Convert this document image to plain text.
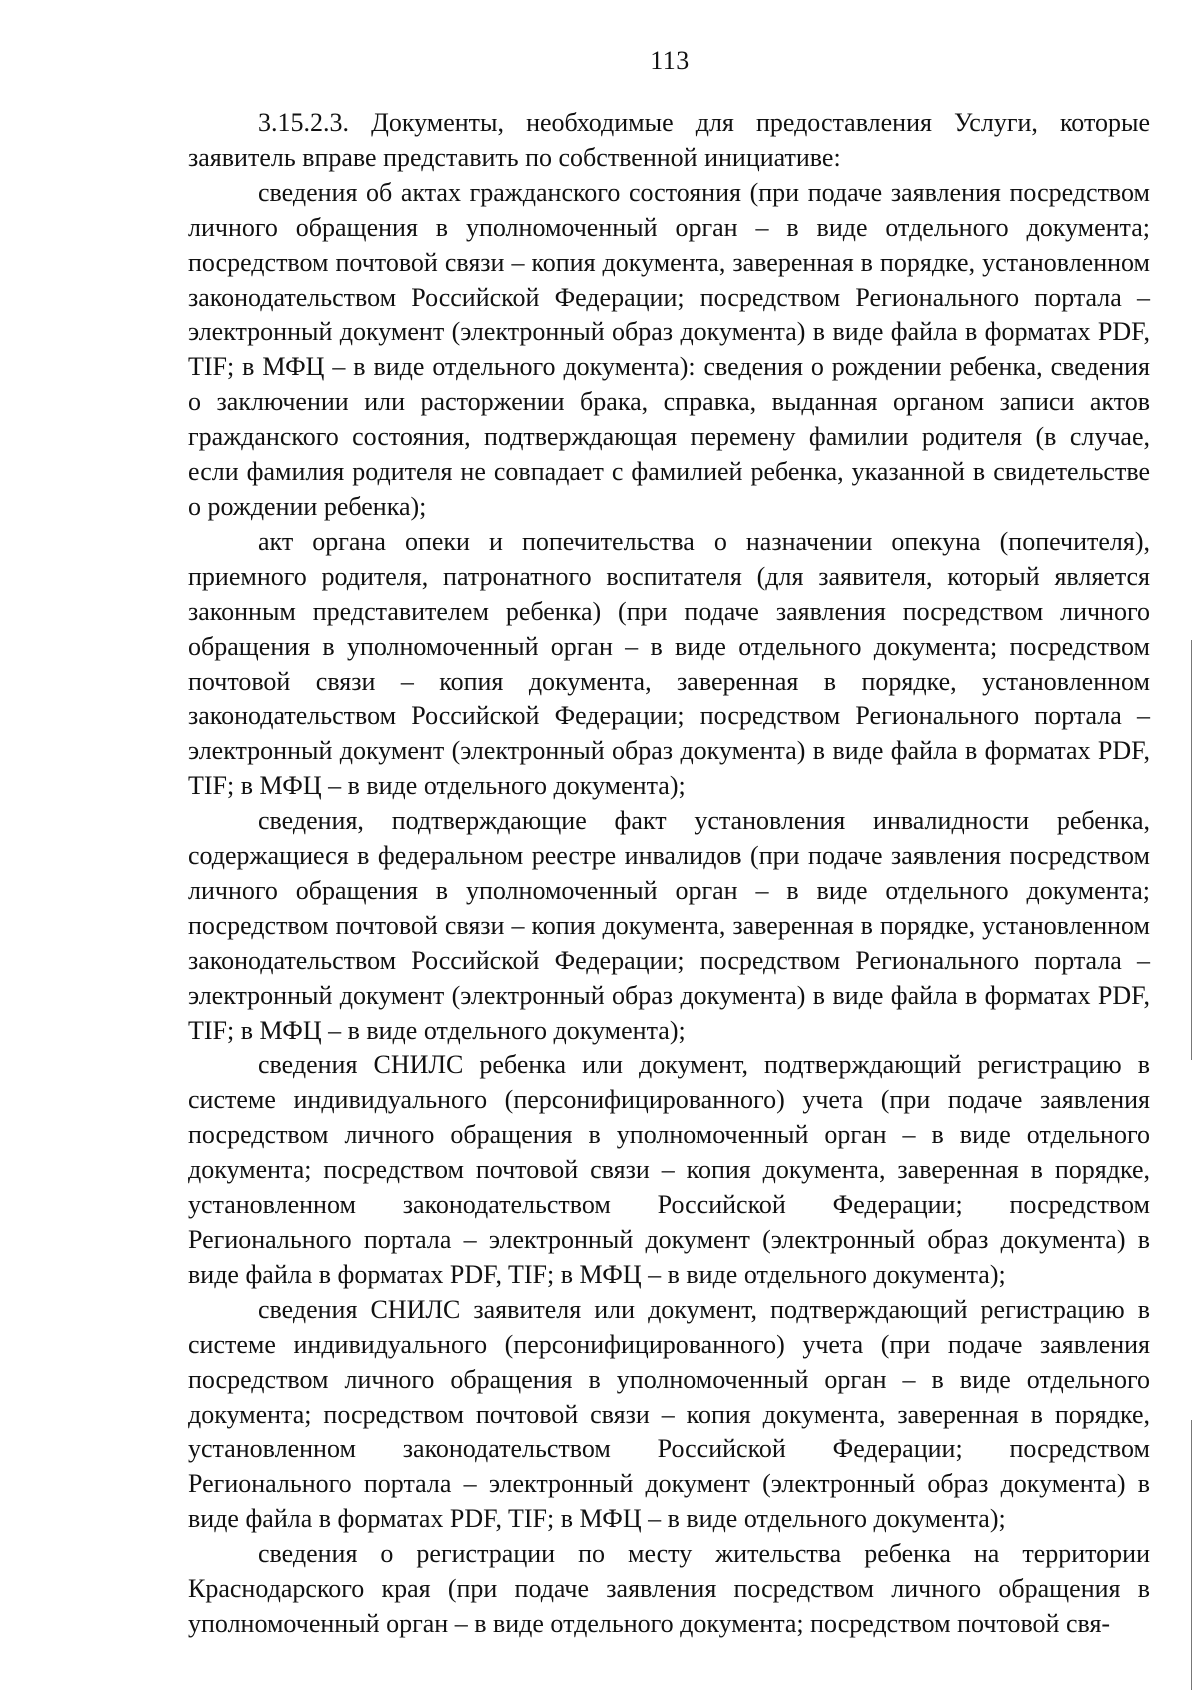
113

3.15.2.3. Документы, необходимые для предоставления Услуги, которые заявитель вправе представить по собственной инициативе:

сведения об актах гражданского состояния (при подаче заявления посредством личного обращения в уполномоченный орган – в виде отдельного документа; посредством почтовой связи – копия документа, заверенная в порядке, установленном законодательством Российской Федерации; посредством Регионального портала – электронный документ (электронный образ документа) в виде файла в форматах PDF, TIF; в МФЦ – в виде отдельного документа): сведения о рождении ребенка, сведения о заключении или расторжении брака, справка, выданная органом записи актов гражданского состояния, подтверждающая перемену фамилии родителя (в случае, если фамилия родителя не совпадает с фамилией ребенка, указанной в свидетельстве о рождении ребенка);

акт органа опеки и попечительства о назначении опекуна (попечителя), приемного родителя, патронатного воспитателя (для заявителя, который является законным представителем ребенка) (при подаче заявления посредством личного обращения в уполномоченный орган – в виде отдельного документа; посредством почтовой связи – копия документа, заверенная в порядке, установленном законодательством Российской Федерации; посредством Регионального портала – электронный документ (электронный образ документа) в виде файла в форматах PDF, TIF; в МФЦ – в виде отдельного документа);

сведения, подтверждающие факт установления инвалидности ребенка, содержащиеся в федеральном реестре инвалидов (при подаче заявления посредством личного обращения в уполномоченный орган – в виде отдельного документа; посредством почтовой связи – копия документа, заверенная в порядке, установленном законодательством Российской Федерации; посредством Регионального портала – электронный документ (электронный образ документа) в виде файла в форматах PDF, TIF; в МФЦ – в виде отдельного документа);

сведения СНИЛС ребенка или документ, подтверждающий регистрацию в системе индивидуального (персонифицированного) учета (при подаче заявления посредством личного обращения в уполномоченный орган – в виде отдельного документа; посредством почтовой связи – копия документа, заверенная в порядке, установленном законодательством Российской Федерации; посредством Регионального портала – электронный документ (электронный образ документа) в виде файла в форматах PDF, TIF; в МФЦ – в виде отдельного документа);

сведения СНИЛС заявителя или документ, подтверждающий регистрацию в системе индивидуального (персонифицированного) учета (при подаче заявления посредством личного обращения в уполномоченный орган – в виде отдельного документа; посредством почтовой связи – копия документа, заверенная в порядке, установленном законодательством Российской Федерации; посредством Регионального портала – электронный документ (электронный образ документа) в виде файла в форматах PDF, TIF; в МФЦ – в виде отдельного документа);

сведения о регистрации по месту жительства ребенка на территории Краснодарского края (при подаче заявления посредством личного обращения в уполномоченный орган – в виде отдельного документа; посредством почтовой свя-
